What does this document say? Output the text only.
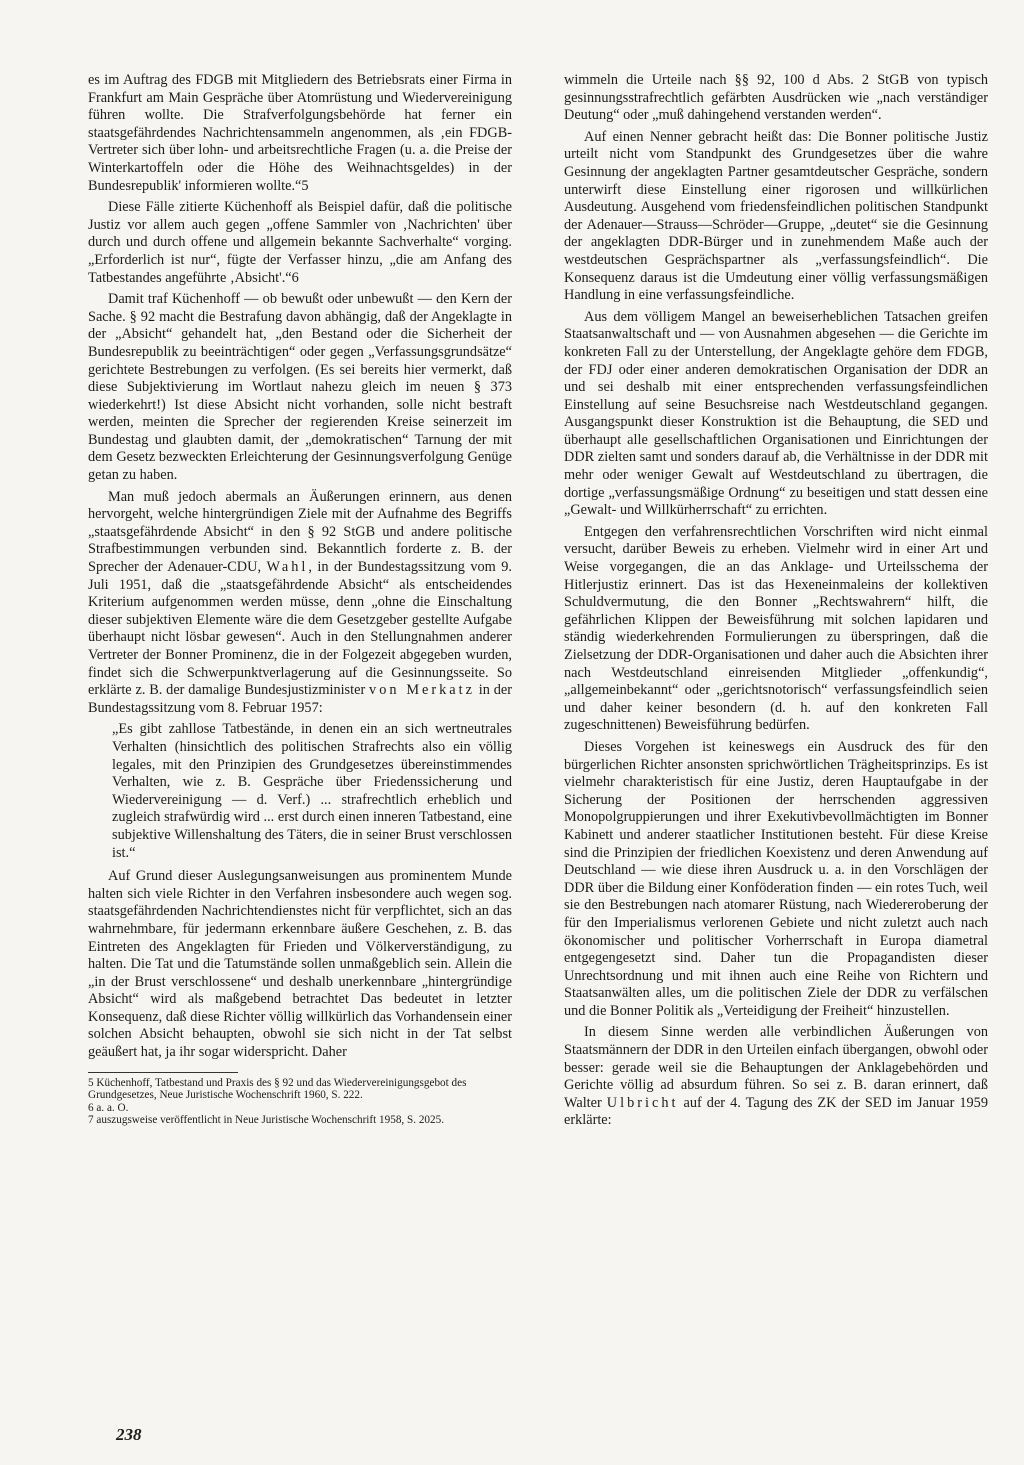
es im Auftrag des FDGB mit Mitgliedern des Betriebsrats einer Firma in Frankfurt am Main Gespräche über Atomrüstung und Wiedervereinigung führen wollte. Die Strafverfolgungsbehörde hat ferner ein staatsgefährdendes Nachrichtensammeln angenommen, als ‚ein FDGB-Vertreter sich über lohn- und arbeitsrechtliche Fragen (u. a. die Preise der Winterkartoffeln oder die Höhe des Weihnachtsgeldes) in der Bundesrepublik' informieren wollte.“5

Diese Fälle zitierte Küchenhoff als Beispiel dafür, daß die politische Justiz vor allem auch gegen „offene Sammler von ‚Nachrichten' über durch und durch offene und allgemein bekannte Sachverhalte“ vorging. „Erforderlich ist nur“, fügte der Verfasser hinzu, „die am Anfang des Tatbestandes angeführte ‚Absicht'.“6

Damit traf Küchenhoff — ob bewußt oder unbewußt — den Kern der Sache. § 92 macht die Bestrafung davon abhängig, daß der Angeklagte in der „Absicht“ gehandelt hat, „den Bestand oder die Sicherheit der Bundesrepublik zu beeinträchtigen“ oder gegen „Verfassungsgrundsätze“ gerichtete Bestrebungen zu verfolgen. (Es sei bereits hier vermerkt, daß diese Subjektivierung im Wortlaut nahezu gleich im neuen § 373 wiederkehrt!) Ist diese Absicht nicht vorhanden, solle nicht bestraft werden, meinten die Sprecher der regierenden Kreise seinerzeit im Bundestag und glaubten damit, der „demokratischen“ Tarnung der mit dem Gesetz bezweckten Erleichterung der Gesinnungsverfolgung Genüge getan zu haben.

Man muß jedoch abermals an Äußerungen erinnern, aus denen hervorgeht, welche hintergründigen Ziele mit der Aufnahme des Begriffs „staatsgefährdende Absicht“ in den § 92 StGB und andere politische Strafbestimmungen verbunden sind. Bekanntlich forderte z. B. der Sprecher der Adenauer-CDU, Wahl, in der Bundestagssitzung vom 9. Juli 1951, daß die „staatsgefährdende Absicht“ als entscheidendes Kriterium aufgenommen werden müsse, denn „ohne die Einschaltung dieser subjektiven Elemente wäre die dem Gesetzgeber gestellte Aufgabe überhaupt nicht lösbar gewesen“. Auch in den Stellungnahmen anderer Vertreter der Bonner Prominenz, die in der Folgezeit abgegeben wurden, findet sich die Schwerpunktverlagerung auf die Gesinnungsseite. So erklärte z. B. der damalige Bundesjustizminister von Merkatz in der Bundestagssitzung vom 8. Februar 1957:

„Es gibt zahllose Tatbestände, in denen ein an sich wertneutrales Verhalten (hinsichtlich des politischen Strafrechts also ein völlig legales, mit den Prinzipien des Grundgesetzes übereinstimmendes Verhalten, wie z. B. Gespräche über Friedenssicherung und Wiedervereinigung — d. Verf.) ... strafrechtlich erheblich und zugleich strafwürdig wird ... erst durch einen inneren Tatbestand, eine subjektive Willenshaltung des Täters, die in seiner Brust verschlossen ist.“

Auf Grund dieser Auslegungsanweisungen aus prominentem Munde halten sich viele Richter in den Verfahren insbesondere auch wegen sog. staatsgefährdenden Nachrichtendienstes nicht für verpflichtet, sich an das wahrnehmbare, für jedermann erkennbare äußere Geschehen, z. B. das Eintreten des Angeklagten für Frieden und Völkerverständigung, zu halten. Die Tat und die Tatumstände sollen unmaßgeblich sein. Allein die „in der Brust verschlossene“ und deshalb unerkennbare „hintergründige Absicht“ wird als maßgebend betrachtet Das bedeutet in letzter Konsequenz, daß diese Richter völlig willkürlich das Vorhandensein einer solchen Absicht behaupten, obwohl sie sich nicht in der Tat selbst geäußert hat, ja ihr sogar widerspricht. Daher

5 Küchenhoff, Tatbestand und Praxis des § 92 und das Wiedervereinigungsgebot des Grundgesetzes, Neue Juristische Wochenschrift 1960, S. 222.
6 a. a. O.
7 auszugsweise veröffentlicht in Neue Juristische Wochenschrift 1958, S. 2025.

wimmeln die Urteile nach §§ 92, 100 d Abs. 2 StGB von typisch gesinnungsstrafrechtlich gefärbten Ausdrücken wie „nach verständiger Deutung“ oder „muß dahingehend verstanden werden“.

Auf einen Nenner gebracht heißt das: Die Bonner politische Justiz urteilt nicht vom Standpunkt des Grundgesetzes über die wahre Gesinnung der angeklagten Partner gesamtdeutscher Gespräche, sondern unterwirft diese Einstellung einer rigorosen und willkürlichen Ausdeutung. Ausgehend vom friedensfeindlichen politischen Standpunkt der Adenauer—Strauss—Schröder—Gruppe, „deutet“ sie die Gesinnung der angeklagten DDR-Bürger und in zunehmendem Maße auch der westdeutschen Gesprächspartner als „verfassungsfeindlich“. Die Konsequenz daraus ist die Umdeutung einer völlig verfassungsmäßigen Handlung in eine verfassungsfeindliche.

Aus dem völligem Mangel an beweiserheblichen Tatsachen greifen Staatsanwaltschaft und — von Ausnahmen abgesehen — die Gerichte im konkreten Fall zu der Unterstellung, der Angeklagte gehöre dem FDGB, der FDJ oder einer anderen demokratischen Organisation der DDR an und sei deshalb mit einer entsprechenden verfassungsfeindlichen Einstellung auf seine Besuchsreise nach Westdeutschland gegangen. Ausgangspunkt dieser Konstruktion ist die Behauptung, die SED und überhaupt alle gesellschaftlichen Organisationen und Einrichtungen der DDR zielten samt und sonders darauf ab, die Verhältnisse in der DDR mit mehr oder weniger Gewalt auf Westdeutschland zu übertragen, die dortige „verfassungsmäßige Ordnung“ zu beseitigen und statt dessen eine „Gewalt- und Willkürherrschaft“ zu errichten.

Entgegen den verfahrensrechtlichen Vorschriften wird nicht einmal versucht, darüber Beweis zu erheben. Vielmehr wird in einer Art und Weise vorgegangen, die an das Anklage- und Urteilsschema der Hitlerjustiz erinnert. Das ist das Hexeneinmaleins der kollektiven Schuldvermutung, die den Bonner „Rechtswahrern“ hilft, die gefährlichen Klippen der Beweisführung mit solchen lapidaren und ständig wiederkehrenden Formulierungen zu überspringen, daß die Zielsetzung der DDR-Organisationen und daher auch die Absichten ihrer nach Westdeutschland einreisenden Mitglieder „offenkundig“, „allgemeinbekannt“ oder „gerichtsnotorisch“ verfassungsfeindlich seien und daher keiner besondern (d. h. auf den konkreten Fall zugeschnittenen) Beweisführung bedürfen.

Dieses Vorgehen ist keineswegs ein Ausdruck des für den bürgerlichen Richter ansonsten sprichwörtlichen Trägheitsprinzips. Es ist vielmehr charakteristisch für eine Justiz, deren Hauptaufgabe in der Sicherung der Positionen der herrschenden aggressiven Monopolgruppierungen und ihrer Exekutivbevollmächtigten im Bonner Kabinett und anderer staatlicher Institutionen besteht. Für diese Kreise sind die Prinzipien der friedlichen Koexistenz und deren Anwendung auf Deutschland — wie diese ihren Ausdruck u. a. in den Vorschlägen der DDR über die Bildung einer Konföderation finden — ein rotes Tuch, weil sie den Bestrebungen nach atomarer Rüstung, nach Wiedereroberung der für den Imperialismus verlorenen Gebiete und nicht zuletzt auch nach ökonomischer und politischer Vorherrschaft in Europa diametral entgegengesetzt sind. Daher tun die Propagandisten dieser Unrechtsordnung und mit ihnen auch eine Reihe von Richtern und Staatsanwälten alles, um die politischen Ziele der DDR zu verfälschen und die Bonner Politik als „Verteidigung der Freiheit“ hinzustellen.

In diesem Sinne werden alle verbindlichen Äußerungen von Staatsmännern der DDR in den Urteilen einfach übergangen, obwohl oder besser: gerade weil sie die Behauptungen der Anklagebehörden und Gerichte völlig ad absurdum führen. So sei z. B. daran erinnert, daß Walter Ulbricht auf der 4. Tagung des ZK der SED im Januar 1959 erklärte:

238
